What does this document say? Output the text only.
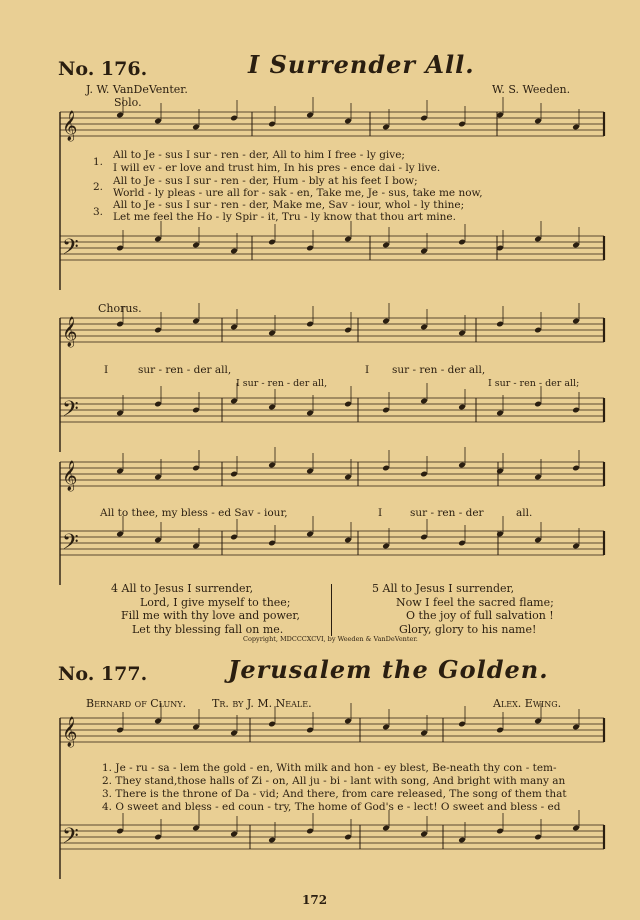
𝄞
𝄢
𝄞
𝄢
𝄞
𝄢
𝄞
𝄢
No. 176.	I Surrender All.
J. W. VanDeVenter.	W. S. Weeden.
Solo.
1.
2.
3.
All to Je - sus I sur - ren - der, All to him I free - ly give;
I will ev - er love and trust him, In his pres - ence dai - ly live.
All to Je - sus I sur - ren - der, Hum - bly at his feet I bow;
World - ly pleas - ure all for - sak - en, Take me, Je - sus, take me now,
All to Je - sus I sur - ren - der, Make me, Sav - iour, whol - ly thine;
Let me feel the Ho - ly Spir - it, Tru - ly know that thou art mine.
Chorus.
I	sur - ren - der all,	I sur - ren - der all,
I sur - ren - der all,	I sur - ren - der all;
All to thee, my bless - ed Sav - iour,	I	sur - ren - der	all.
4 All to Jesus I surrender,
Lord, I give myself to thee;
Fill me with thy love and power,
Let thy blessing fall on me.
5 All to Jesus I surrender,
Now I feel the sacred flame;
O the joy of full salvation !
Glory, glory to his name!
Copyright, MDCCCXCVI, by Weeden & VanDeVenter.
No. 177.	Jerusalem the Golden.
Bernard of Cluny. Tr. by J. M. Neale.	Alex. Ewing.
1. Je - ru - sa - lem the gold - en, With milk and hon - ey blest, Be-neath thy con - tem-
2. They stand,those halls of Zi - on, All ju - bi - lant with song, And bright with many an
3. There is the throne of Da - vid; And there, from care released, The song of them that
4. O sweet and bless - ed coun - try, The home of God's e - lect! O sweet and bless - ed
172
